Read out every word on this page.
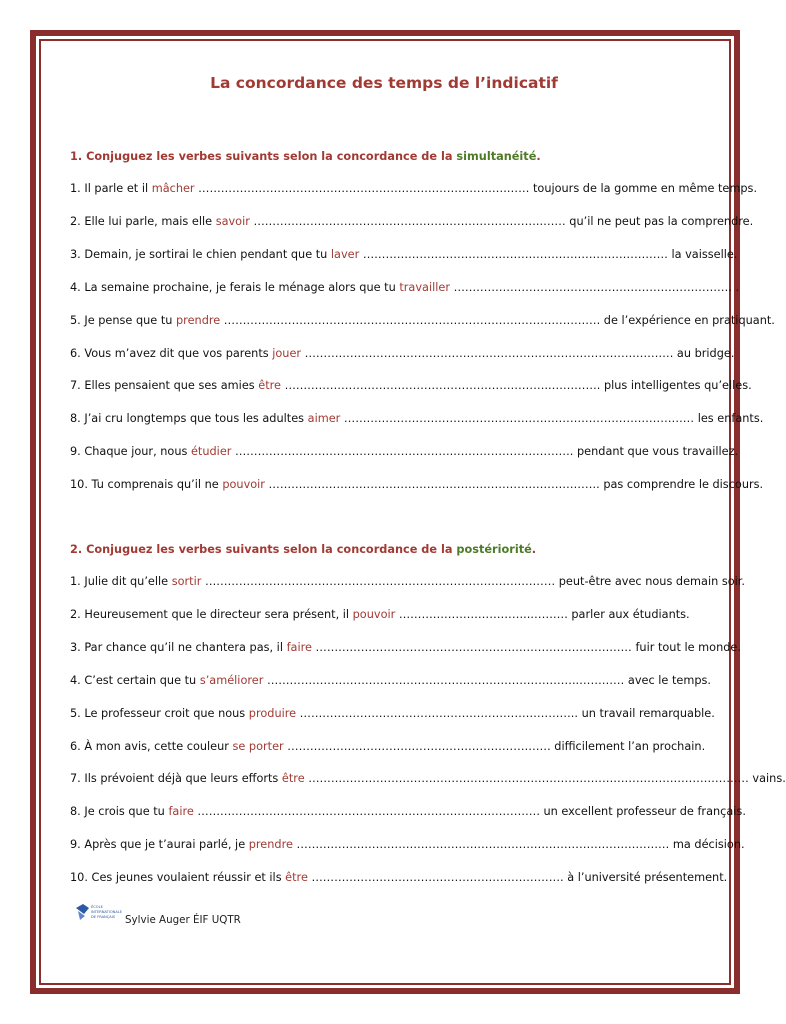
La concordance des temps de l’indicatif
1. Conjuguez les verbes suivants selon la concordance de la simultanéité.
1. Il parle et il mâcher ……………………………………………………………………….…… toujours de la gomme en même temps.
2. Elle lui parle, mais elle savoir …………………………………………………………………..…… qu’il ne peut pas la comprendre.
3. Demain, je sortirai le chien pendant que tu laver ……………………………………………………………………… la vaisselle.
4. La semaine prochaine, je ferais le ménage alors que tu travailler …………………………………….…………………………. .
5. Je pense que tu prendre ………………………………………………………………………………………. de l’expérience en pratiquant.
6. Vous m’avez dit que vos parents jouer …………………………………………………………………………….………. au bridge.
7. Elles pensaient que ses amies être ……………………………………………………………..…………. plus intelligentes qu’elles.
8. J’ai cru longtemps que tous les adultes aimer ………………………………………………………………………………… les enfants.
9. Chaque jour, nous étudier …………………………………………………..…………………………. pendant que vous travaillez.
10. Tu comprenais qu’il ne pouvoir ……………………………………………………………………………. pas comprendre le discours.
2. Conjuguez les verbes suivants selon la concordance de la postériorité.
1. Julie dit qu’elle sortir ………………………………………………………………………………… peut-être avec nous demain soir.
2. Heureusement que le directeur sera présent, il pouvoir ……………………………..………. parler aux étudiants.
3. Par chance qu’il ne chantera pas, il faire ………………………………………………………………………… fuir tout le monde.
4. C’est certain que tu s’améliorer ………………………………………………………………………..………… avec le temps.
5. Le professeur croit que nous produire ……………………………………………………………….. un travail remarquable.
6. À mon avis, cette couleur se porter ……………………………………………………………. difficilement l’an prochain.
7. Ils prévoient déjà que leurs efforts être ……………………………………………………………………………………………………… vains.
8. Je crois que tu faire ………………………………………………………………………………. un excellent professeur de français.
9. Après que je t’aurai parlé, je prendre ……………………………………………………………………………………… ma décision.
10. Ces jeunes voulaient réussir et ils être …………………………………………………………. à l’université présentement.
ÉCOLE
INTERNATIONALE
DE FRANÇAIS Sylvie Auger ÉIF UQTR
